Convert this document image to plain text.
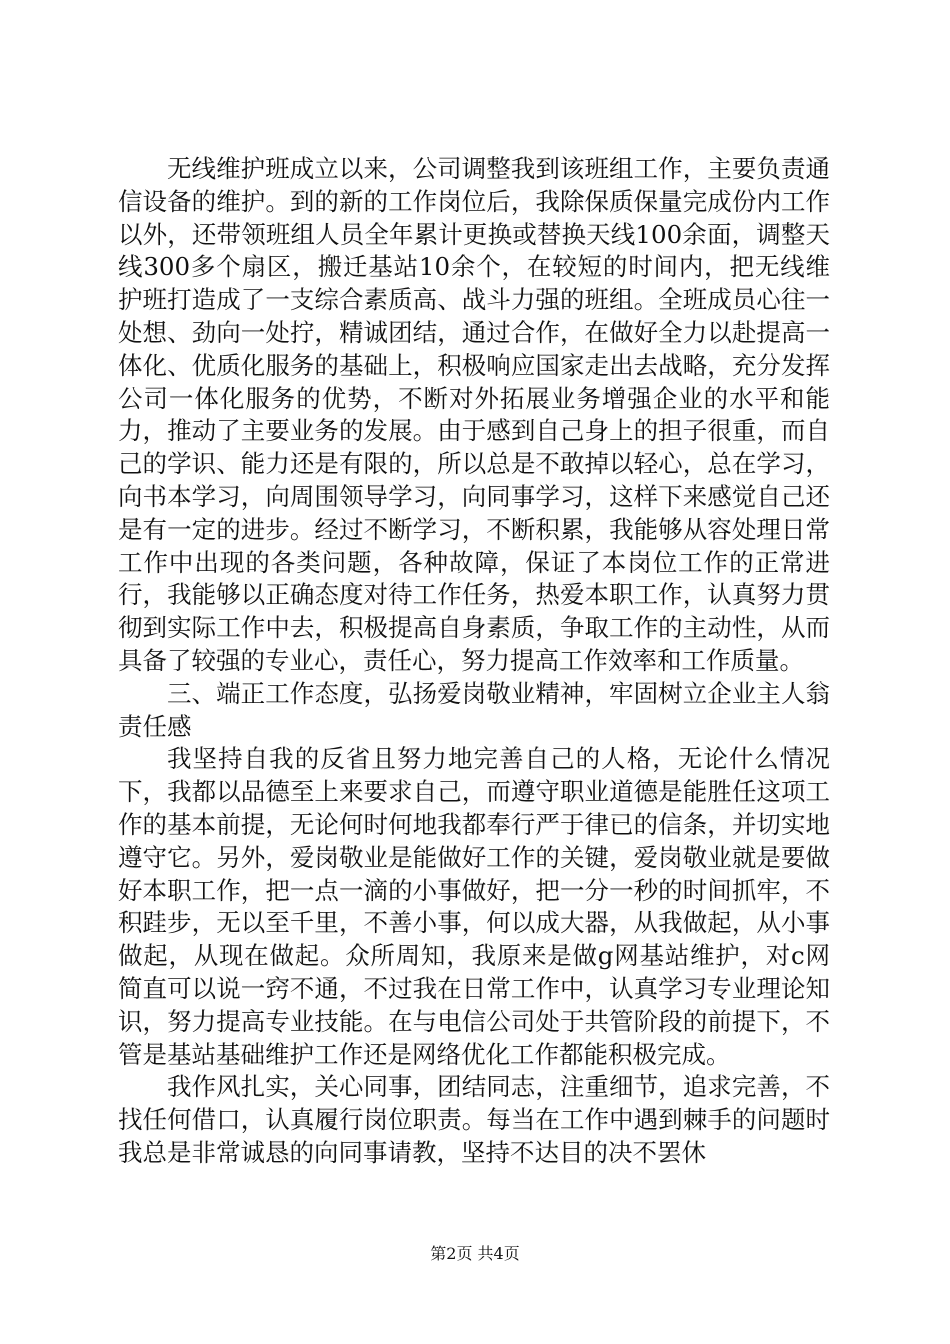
无线维护班成立以来，公司调整我到该班组工作，主要负责通信设备的维护。到的新的工作岗位后，我除保质保量完成份内工作以外，还带领班组人员全年累计更换或替换天线100余面，调整天线300多个扇区，搬迁基站10余个，在较短的时间内，把无线维护班打造成了一支综合素质高、战斗力强的班组。全班成员心往一处想、劲向一处拧，精诚团结，通过合作，在做好全力以赴提高一体化、优质化服务的基础上，积极响应国家走出去战略，充分发挥公司一体化服务的优势，不断对外拓展业务增强企业的水平和能力，推动了主要业务的发展。由于感到自己身上的担子很重，而自己的学识、能力还是有限的，所以总是不敢掉以轻心，总在学习，向书本学习，向周围领导学习，向同事学习，这样下来感觉自己还是有一定的进步。经过不断学习，不断积累，我能够从容处理日常工作中出现的各类问题，各种故障，保证了本岗位工作的正常进行，我能够以正确态度对待工作任务，热爱本职工作，认真努力贯彻到实际工作中去，积极提高自身素质，争取工作的主动性，从而具备了较强的专业心，责任心，努力提高工作效率和工作质量。

三、端正工作态度，弘扬爱岗敬业精神，牢固树立企业主人翁责任感

我坚持自我的反省且努力地完善自己的人格，无论什么情况下，我都以品德至上来要求自己，而遵守职业道德是能胜任这项工作的基本前提，无论何时何地我都奉行严于律已的信条，并切实地遵守它。另外，爱岗敬业是能做好工作的关键，爱岗敬业就是要做好本职工作，把一点一滴的小事做好，把一分一秒的时间抓牢，不积跬步，无以至千里，不善小事，何以成大器，从我做起，从小事做起，从现在做起。众所周知，我原来是做g网基站维护，对c网简直可以说一窍不通，不过我在日常工作中，认真学习专业理论知识，努力提高专业技能。在与电信公司处于共管阶段的前提下，不管是基站基础维护工作还是网络优化工作都能积极完成。

我作风扎实，关心同事，团结同志，注重细节，追求完善，不找任何借口，认真履行岗位职责。每当在工作中遇到棘手的问题时我总是非常诚恳的向同事请教，坚持不达目的决不罢休

第2页 共4页
